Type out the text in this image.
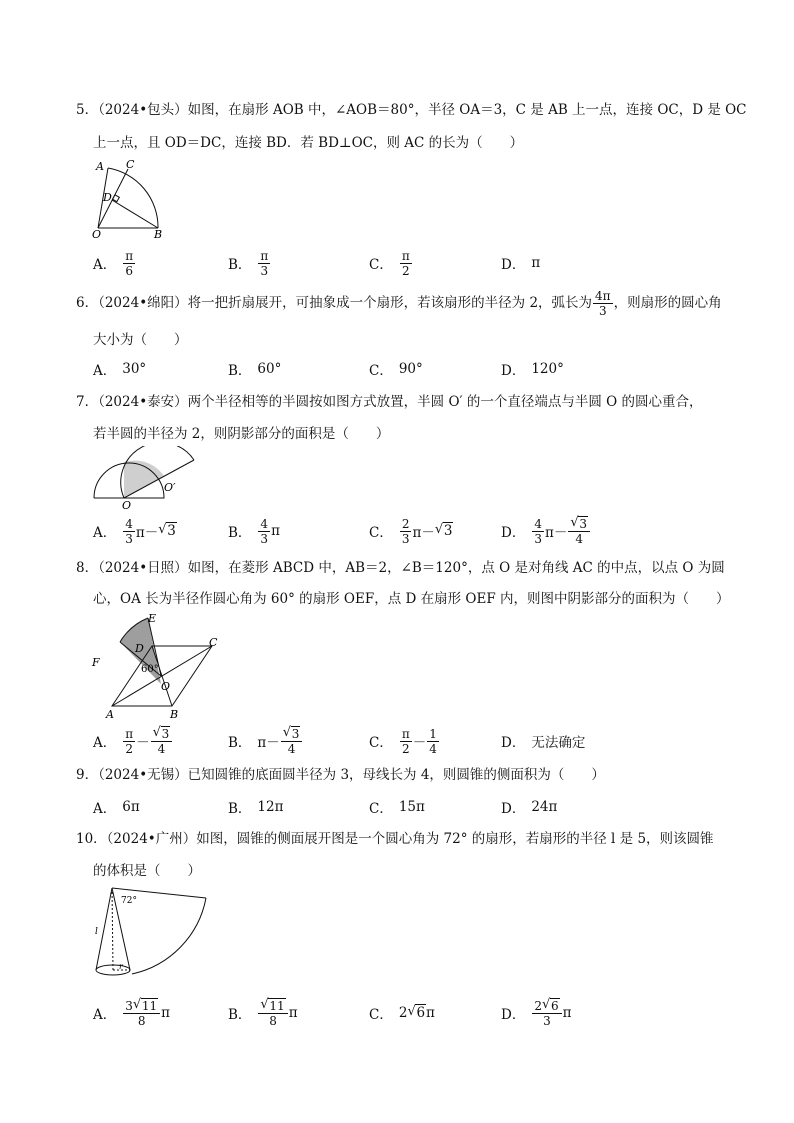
5．（2024•包头）如图，在扇形 AOB 中，∠AOB＝80°，半径 OA＝3，C 是 AB 上一点，连接 OC，D 是 OC
上一点，且 OD＝DC，连接 BD．若 BD⊥OC，则 AC 的长为（　　）
A C
D
O	B
A． $\frac{\pi}{6}$	B． $\frac{\pi}{3}$	C． $\frac{\pi}{2}$	D． π
6．（2024•绵阳）将一把折扇展开，可抽象成一个扇形，若该扇形的半径为 2，弧长为 $\frac{4\pi}{3}$ ，则扇形的圆心角
大小为（　　）
A． 30°	B． 60°	C． 90°	D． 120°
7．（2024•泰安）两个半径相等的半圆按如图方式放置，半圆 O′ 的一个直径端点与半圆 O 的圆心重合，
若半圆的半径为 2，则阴影部分的面积是（　　）
O
O′
A． $\frac{4}{3} \pi-$ √ 3	B． $\frac{4}{3}$ π	C． $\frac{2}{3} \pi-$ √ 3	D． $\frac{4}{3} \pi-$ √ $\frac{3}{4}$
8．（2024•日照）如图，在菱形 ABCD 中，AB＝2，∠B＝120°，点 O 是对角线 AC 的中点，以点 O 为圆
心，OA 长为半径作圆心角为 60° 的扇形 OEF，点 D 在扇形 OEF 内，则图中阴影部分的面积为（　　）
E
C
D
F
60°
O
A	B
A． $\frac{\pi}{2}$ － √ $\frac{3}{4}$	B． π－ √ $\frac{3}{4}$	C． $\frac{\pi}{2} - \frac{1}{4}$	D． 无法确定
9．（2024•无锡）已知圆锥的底面圆半径为 3，母线长为 4，则圆锥的侧面积为（　　）
A． 6π	B． 12π	C． 15π	D． 24π
10．（2024•广州）如图，圆锥的侧面展开图是一个圆心角为 72° 的扇形，若扇形的半径 l 是 5，则该圆锥
的体积是（　　）
72°
l
r
A． $\frac{3 √ 11}{8}$ π	B． √ $\frac{11}{8}$ π	C． 2 √ 6 π	D． $\frac{2 √ 6}{3}$ π
